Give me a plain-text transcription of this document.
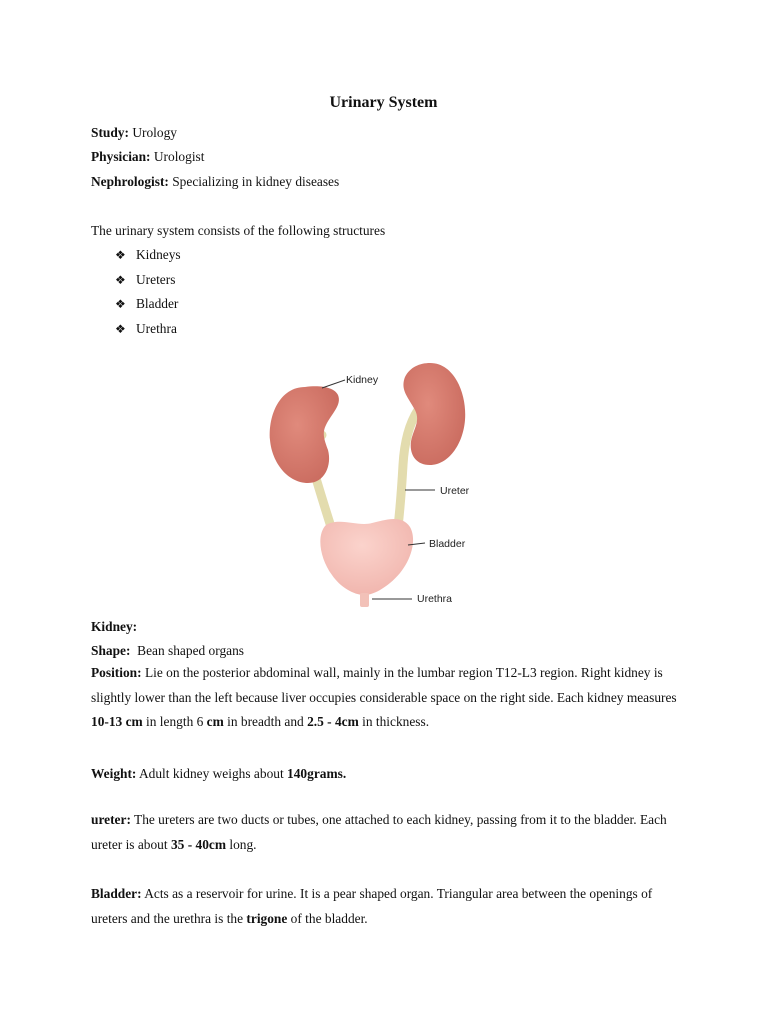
Urinary System
Study: Urology
Physician: Urologist
Nephrologist: Specializing in kidney diseases
The urinary system consists of the following structures
❖ Kidneys
❖ Ureters
❖ Bladder
❖ Urethra
Kidney:
Shape: Bean shaped organs
Position: Lie on the posterior abdominal wall, mainly in the lumbar region T12-L3 region. Right kidney is slightly lower than the left because liver occupies considerable space on the right side. Each kidney measures 10-13 cm in length 6 cm in breadth and 2.5 - 4cm in thickness.
Weight: Adult kidney weighs about 140grams.
ureter: The ureters are two ducts or tubes, one attached to each kidney, passing from it to the bladder. Each ureter is about 35 - 40cm long.
Bladder: Acts as a reservoir for urine. It is a pear shaped organ. Triangular area between the openings of ureters and the urethra is the trigone of the bladder.
Kidney
Ureter
Bladder
Urethra
